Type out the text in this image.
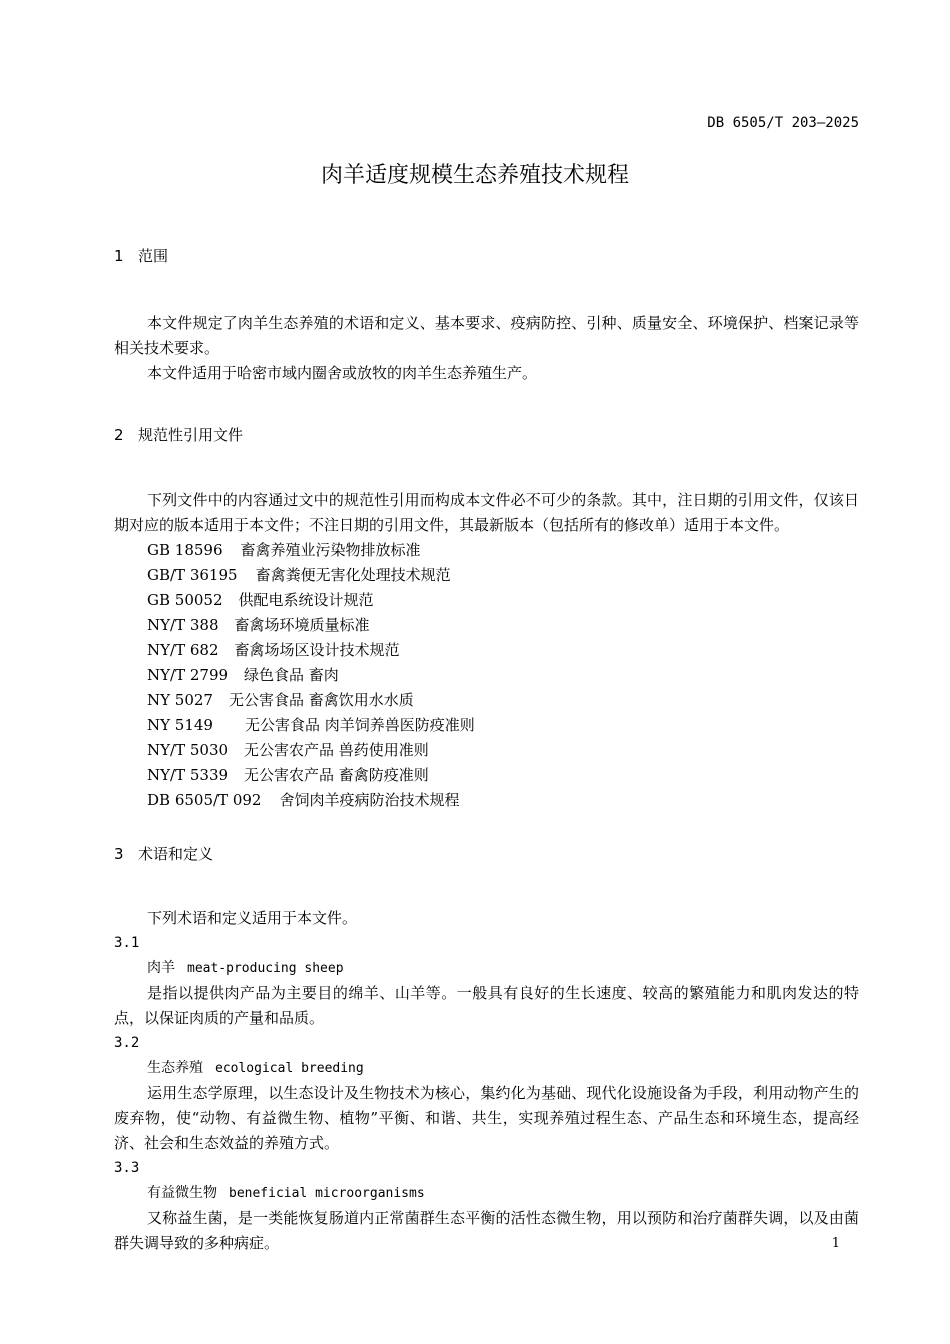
DB 6505/T 203—2025
肉羊适度规模生态养殖技术规程
1 范围

本文件规定了肉羊生态养殖的术语和定义、基本要求、疫病防控、引种、质量安全、环境保护、档案记录等相关技术要求。

本文件适用于哈密市域内圈舍或放牧的肉羊生态养殖生产。

2 规范性引用文件

下列文件中的内容通过文中的规范性引用而构成本文件必不可少的条款。其中，注日期的引用文件，仅该日期对应的版本适用于本文件；不注日期的引用文件，其最新版本（包括所有的修改单）适用于本文件。

GB 18596 畜禽养殖业污染物排放标准

GB/T 36195 畜禽粪便无害化处理技术规范

GB 50052 供配电系统设计规范

NY/T 388 畜禽场环境质量标准

NY/T 682 畜禽场场区设计技术规范

NY/T 2799 绿色食品 畜肉

NY 5027 无公害食品 畜禽饮用水水质

NY 5149 无公害食品 肉羊饲养兽医防疫准则

NY/T 5030 无公害农产品 兽药使用准则

NY/T 5339 无公害农产品 畜禽防疫准则

DB 6505/T 092 舍饲肉羊疫病防治技术规程

3 术语和定义

下列术语和定义适用于本文件。

3.1

肉羊 meat-producing sheep

是指以提供肉产品为主要目的绵羊、山羊等。一般具有良好的生长速度、较高的繁殖能力和肌肉发达的特点，以保证肉质的产量和品质。

3.2

生态养殖 ecological breeding

运用生态学原理，以生态设计及生物技术为核心，集约化为基础、现代化设施设备为手段，利用动物产生的废弃物，使“动物、有益微生物、植物”平衡、和谐、共生，实现养殖过程生态、产品生态和环境生态，提高经济、社会和生态效益的养殖方式。

3.3

有益微生物 beneficial microorganisms

又称益生菌，是一类能恢复肠道内正常菌群生态平衡的活性态微生物，用以预防和治疗菌群失调，以及由菌群失调导致的多种病症。	1
